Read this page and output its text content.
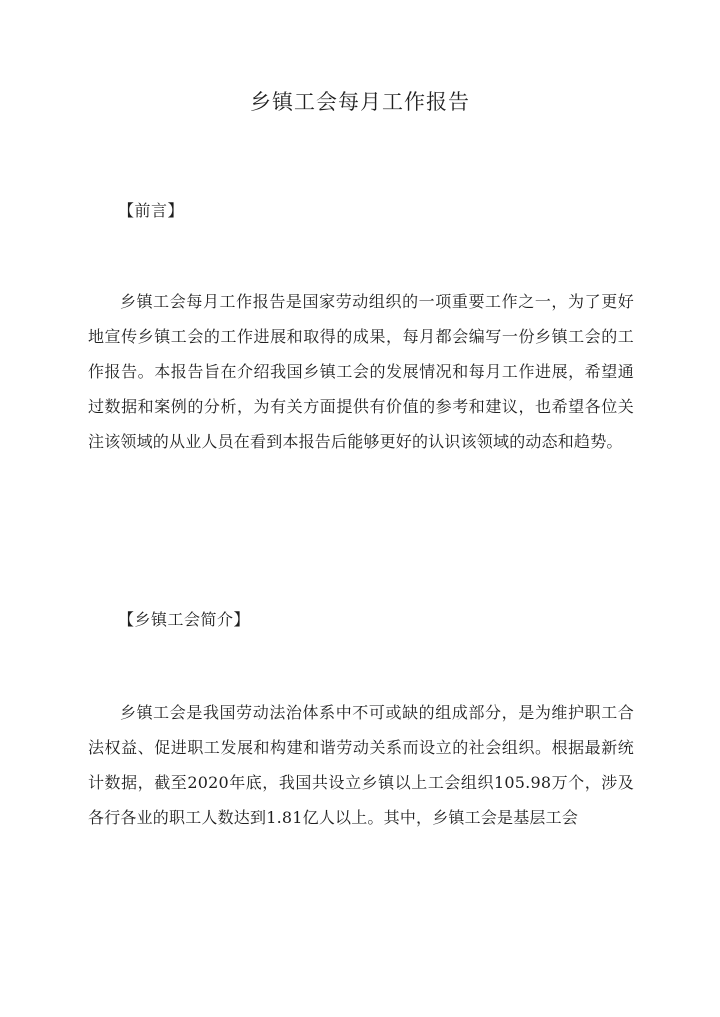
乡镇工会每月工作报告
【前言】

乡镇工会每月工作报告是国家劳动组织的一项重要工作之一，为了更好地宣传乡镇工会的工作进展和取得的成果，每月都会编写一份乡镇工会的工作报告。本报告旨在介绍我国乡镇工会的发展情况和每月工作进展，希望通过数据和案例的分析，为有关方面提供有价值的参考和建议，也希望各位关注该领域的从业人员在看到本报告后能够更好的认识该领域的动态和趋势。

【乡镇工会简介】

乡镇工会是我国劳动法治体系中不可或缺的组成部分，是为维护职工合法权益、促进职工发展和构建和谐劳动关系而设立的社会组织。根据最新统计数据，截至2020年底，我国共设立乡镇以上工会组织105.98万个，涉及各行各业的职工人数达到1.81亿人以上。其中，乡镇工会是基层工会
